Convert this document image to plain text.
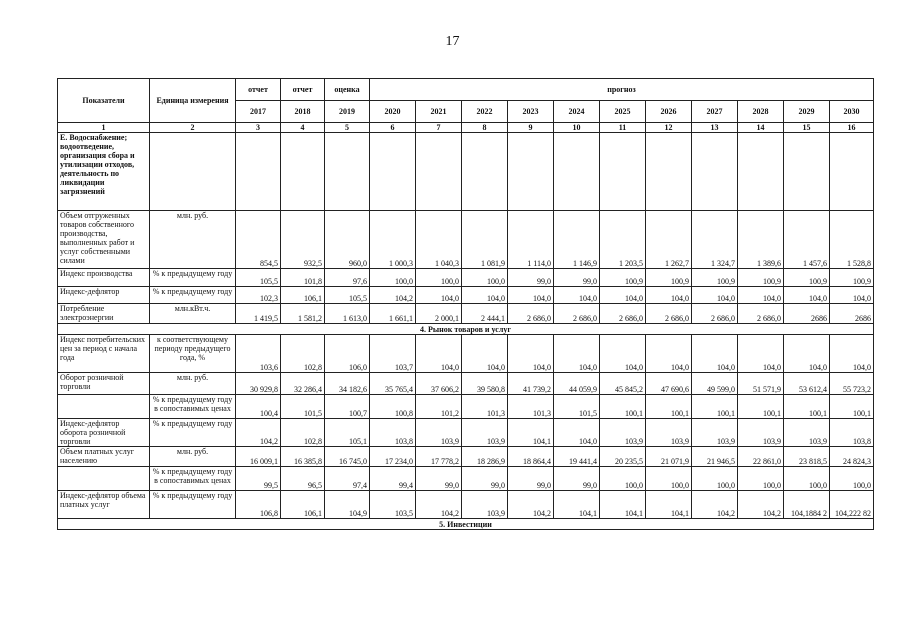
17
Показатели	Единица измерения	отчет	отчет	оценка	прогноз										
		2017	2018	2019	2020	2021	2022	2023	2024	2025	2026	2027	2028	2029	2030
1	2	3	4	5	6	7	8	9	10	11	12	13	14	15	16
Е. Водоснабжение; водоотведение, организация сбора и утилизации отходов, деятельность по ликвидации загрязнений															
Объем отгруженных товаров собственного производства, выполненных работ и услуг собственными силами	млн. руб.	854,5	932,5	960,0	1 000,3	1 040,3	1 081,9	1 114,0	1 146,9	1 203,5	1 262,7	1 324,7	1 389,6	1 457,6	1 528,8
Индекс производства	% к предыдущему году	105,5	101,8	97,6	100,0	100,0	100,0	99,0	99,0	100,9	100,9	100,9	100,9	100,9	100,9
Индекс-дефлятор	% к предыдущему году	102,3	106,1	105,5	104,2	104,0	104,0	104,0	104,0	104,0	104,0	104,0	104,0	104,0	104,0
Потребление электроэнергии	млн.кВт.ч.	1 419,5	1 581,2	1 613,0	1 661,1	2 000,1	2 444,1	2 686,0	2 686,0	2 686,0	2 686,0	2 686,0	2 686,0	2686	2686
4. Рынок товаров и услуг															
Индекс потребительских цен за период с начала года	к соответствующему периоду предыдущего года, %	103,6	102,8	106,0	103,7	104,0	104,0	104,0	104,0	104,0	104,0	104,0	104,0	104,0	104,0
Оборот розничной торговли	млн. руб.	30 929,8	32 286,4	34 182,6	35 765,4	37 606,2	39 580,8	41 739,2	44 059,9	45 845,2	47 690,6	49 599,0	51 571,9	53 612,4	55 723,2
	% к предыдущему году в сопоставимых ценах	100,4	101,5	100,7	100,8	101,2	101,3	101,3	101,5	100,1	100,1	100,1	100,1	100,1	100,1
Индекс-дефлятор оборота розничной торговли	% к предыдущему году	104,2	102,8	105,1	103,8	103,9	103,9	104,1	104,0	103,9	103,9	103,9	103,9	103,9	103,8
Объем платных услуг населению	млн. руб.	16 009,1	16 385,8	16 745,0	17 234,0	17 778,2	18 286,9	18 864,4	19 441,4	20 235,5	21 071,9	21 946,5	22 861,0	23 818,5	24 824,3
	% к предыдущему году в сопоставимых ценах	99,5	96,5	97,4	99,4	99,0	99,0	99,0	99,0	100,0	100,0	100,0	100,0	100,0	100,0
Индекс-дефлятор объема платных услуг	% к предыдущему году	106,8	106,1	104,9	103,5	104,2	103,9	104,2	104,1	104,1	104,1	104,2	104,2	104,1884 2	104,222 82
5. Инвестиции															
